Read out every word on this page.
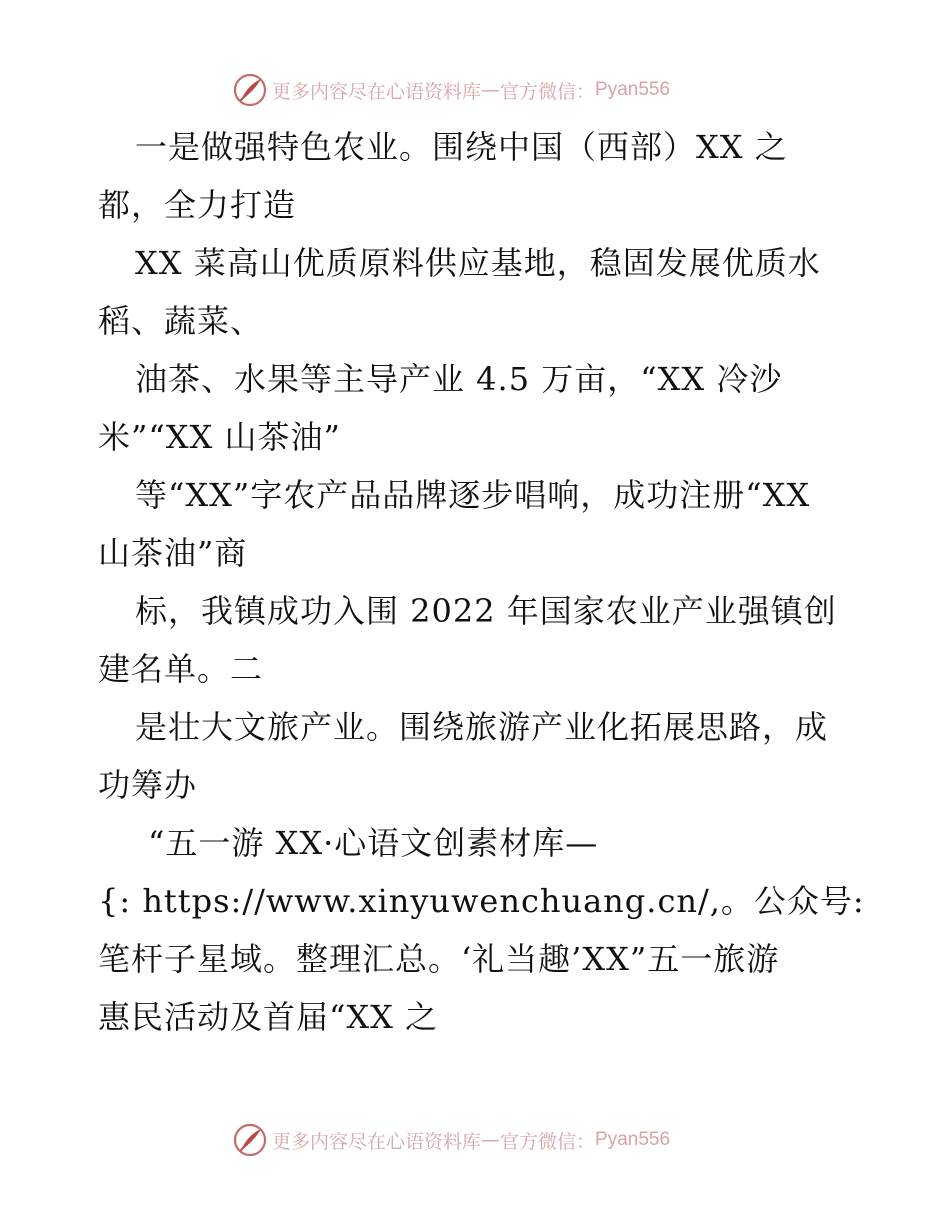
更多内容尽在心语资料库 — 官方微信： Pyan556
一是做强特色农业。围绕中国（西部）XX 之
都，全力打造
XX 菜高山优质原料供应基地，稳固发展优质水
稻、蔬菜、
油茶、水果等主导产业 4.5 万亩，“XX 冷沙
米”“XX 山茶油”
等“XX”字农产品品牌逐步唱响，成功注册“XX
山茶油”商
标，我镇成功入围 2022 年国家农业产业强镇创
建名单。二
是壮大文旅产业。围绕旅游产业化拓展思路，成
功筹办
“五一游 XX·心语文创素材库—
{: https://www.xinyuwenchuang.cn/,。公众号:
笔杆子星域。整理汇总。‘礼当趣’XX”五一旅游
惠民活动及首届“XX 之
更多内容尽在心语资料库 — 官方微信： Pyan556
